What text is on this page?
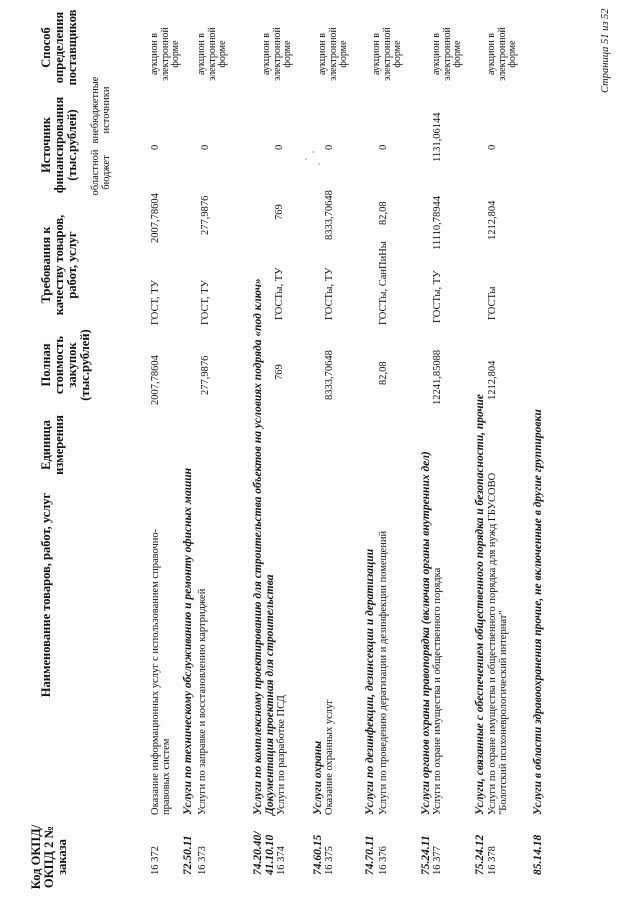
Код ОКПД/ ОКПД 2 № заказа
Наименование товаров, работ, услуг
Единица измерения
Полная стоимость закупок (тыс.рублей)
Требования к качеству товаров, работ, услуг
Источник финансирования (тыс.рублей) областной бюджет
внебюджетные источники
Способ определения поставщиков
16 372
Оказание информационных услуг с использованием справочно-правовых систем
2007,78604
ГОСТ, ТУ
2007,78604
0
аукцион в электронной форме
72.50.11
Услуги по техническому обслуживанию и ремонту офисных машин
16 373
Услуги по заправке и восстановлению картриджей
277,9876
ГОСТ, ТУ
277,9876
0
аукцион в электронной форме
74.20.40/ 41.10.10
Услуги по комплексному проектированию для строительства объектов на условиях подряда «под ключ» Документация проектная для строительства
16 374
Услуги по разработке ПСД
769
ГОСТы, ТУ
769
0
аукцион в электронной форме
74.60.15
Услуги охраны
16 375
Оказание охранных услуг
8333,70648
ГОСТы, ТУ
8333,70648
0
аукцион в электронной форме
74.70.11
Услуги по дезинфекции, дезинсекции и дератизации
16 376
Услуги по проведению дератизации и дезинфекции помещений
82,08
ГОСТы, СанПиНы
82,08
0
аукцион в электронной форме
75.24.11
Услуги органов охраны правопорядка (включая органы внутренних дел)
16 377
Услуги по охране имущества и общественного порядка
12241,85088
ГОСТы, ТУ
11110,78944
1131,06144
аукцион в электронной форме
75.24.12
Услуги, связанные с обеспечением общественного порядка и безопасности, прочие
16 378
Услуги по охране имущества и общественного порядка для нужд ГБУСОВО "Болотский психоневрологический интернат"
1212,804
ГОСТы
1212,804
0
аукцион в электронной форме
85.14.18
Услуги в области здравоохранения прочие, не включенные в другие группировки
Страница 51 из 52
